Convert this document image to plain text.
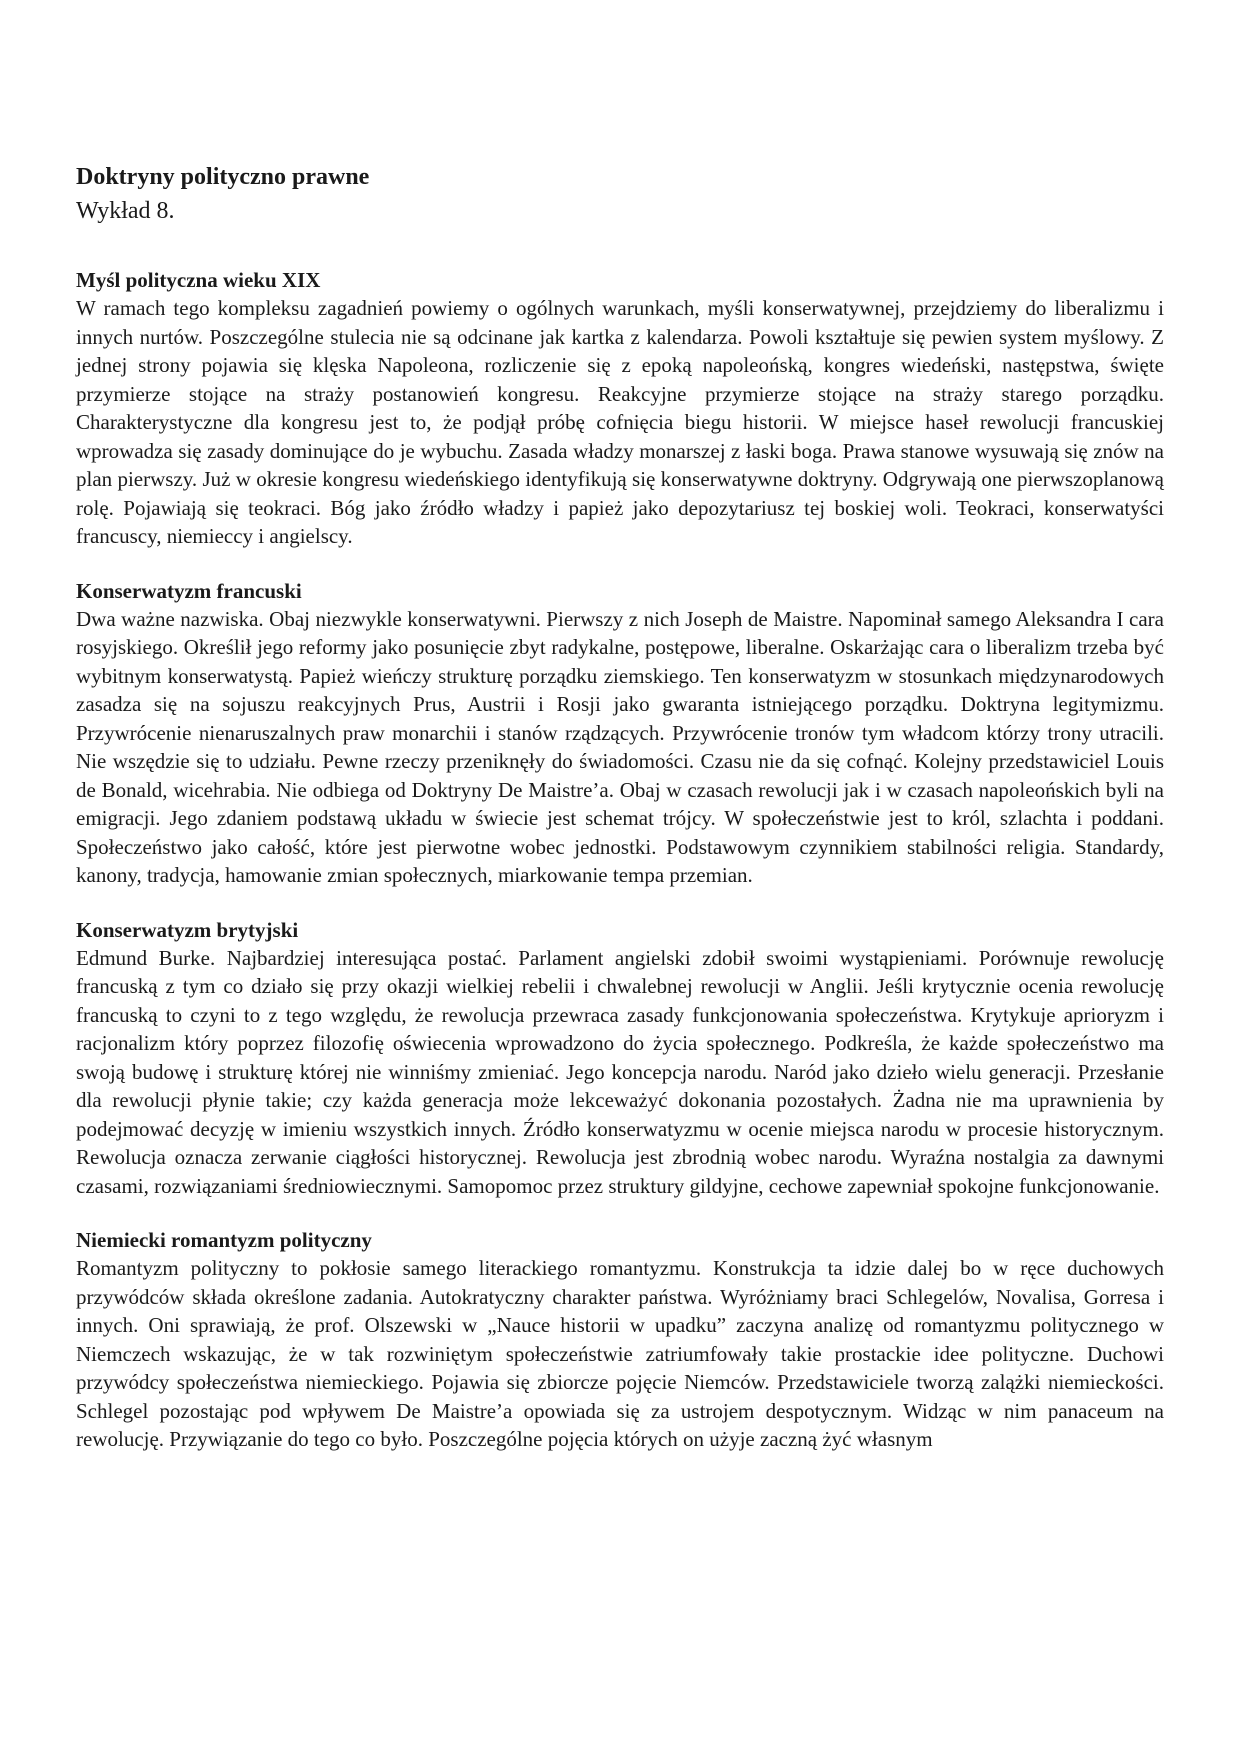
Doktryny polityczno prawne
Wykład 8.
Myśl polityczna wieku XIX

W ramach tego kompleksu zagadnień powiemy o ogólnych warunkach, myśli konserwatywnej, przejdziemy do liberalizmu i innych nurtów. Poszczególne stulecia nie są odcinane jak kartka z kalendarza. Powoli kształtuje się pewien system myślowy. Z jednej strony pojawia się klęska Napoleona, rozliczenie się z epoką napoleońską, kongres wiedeński, następstwa, święte przymierze stojące na straży postanowień kongresu. Reakcyjne przymierze stojące na straży starego porządku. Charakterystyczne dla kongresu jest to, że podjął próbę cofnięcia biegu historii. W miejsce haseł rewolucji francuskiej wprowadza się zasady dominujące do je wybuchu. Zasada władzy monarszej z łaski boga. Prawa stanowe wysuwają się znów na plan pierwszy. Już w okresie kongresu wiedeńskiego identyfikują się konserwatywne doktryny. Odgrywają one pierwszoplanową rolę. Pojawiają się teokraci. Bóg jako źródło władzy i papież jako depozytariusz tej boskiej woli. Teokraci, konserwatyści francuscy, niemieccy i angielscy.

Konserwatyzm francuski

Dwa ważne nazwiska. Obaj niezwykle konserwatywni. Pierwszy z nich Joseph de Maistre. Napominał samego Aleksandra I cara rosyjskiego. Określił jego reformy jako posunięcie zbyt radykalne, postępowe, liberalne. Oskarżając cara o liberalizm trzeba być wybitnym konserwatystą. Papież wieńczy strukturę porządku ziemskiego. Ten konserwatyzm w stosunkach międzynarodowych zasadza się na sojuszu reakcyjnych Prus, Austrii i Rosji jako gwaranta istniejącego porządku. Doktryna legitymizmu. Przywrócenie nienaruszalnych praw monarchii i stanów rządzących. Przywrócenie tronów tym władcom którzy trony utracili. Nie wszędzie się to udziału. Pewne rzeczy przeniknęły do świadomości. Czasu nie da się cofnąć. Kolejny przedstawiciel Louis de Bonald, wicehrabia. Nie odbiega od Doktryny De Maistre’a. Obaj w czasach rewolucji jak i w czasach napoleońskich byli na emigracji. Jego zdaniem podstawą układu w świecie jest schemat trójcy. W społeczeństwie jest to król, szlachta i poddani. Społeczeństwo jako całość, które jest pierwotne wobec jednostki. Podstawowym czynnikiem stabilności religia. Standardy, kanony, tradycja, hamowanie zmian społecznych, miarkowanie tempa przemian.

Konserwatyzm brytyjski

Edmund Burke. Najbardziej interesująca postać. Parlament angielski zdobił swoimi wystąpieniami. Porównuje rewolucję francuską z tym co działo się przy okazji wielkiej rebelii i chwalebnej rewolucji w Anglii. Jeśli krytycznie ocenia rewolucję francuską to czyni to z tego względu, że rewolucja przewraca zasady funkcjonowania społeczeństwa. Krytykuje aprioryzm i racjonalizm który poprzez filozofię oświecenia wprowadzono do życia społecznego. Podkreśla, że każde społeczeństwo ma swoją budowę i strukturę której nie winniśmy zmieniać. Jego koncepcja narodu. Naród jako dzieło wielu generacji. Przesłanie dla rewolucji płynie takie; czy każda generacja może lekceważyć dokonania pozostałych. Żadna nie ma uprawnienia by podejmować decyzję w imieniu wszystkich innych. Źródło konserwatyzmu w ocenie miejsca narodu w procesie historycznym. Rewolucja oznacza zerwanie ciągłości historycznej. Rewolucja jest zbrodnią wobec narodu. Wyraźna nostalgia za dawnymi czasami, rozwiązaniami średniowiecznymi. Samopomoc przez struktury gildyjne, cechowe zapewniał spokojne funkcjonowanie.

Niemiecki romantyzm polityczny

Romantyzm polityczny to pokłosie samego literackiego romantyzmu. Konstrukcja ta idzie dalej bo w ręce duchowych przywódców składa określone zadania. Autokratyczny charakter państwa. Wyróżniamy braci Schlegelów, Novalisa, Gorresa i innych. Oni sprawiają, że prof. Olszewski w „Nauce historii w upadku” zaczyna analizę od romantyzmu politycznego w Niemczech wskazując, że w tak rozwiniętym społeczeństwie zatriumfowały takie prostackie idee polityczne. Duchowi przywódcy społeczeństwa niemieckiego. Pojawia się zbiorcze pojęcie Niemców. Przedstawiciele tworzą zalążki niemieckości. Schlegel pozostając pod wpływem De Maistre’a opowiada się za ustrojem despotycznym. Widząc w nim panaceum na rewolucję. Przywiązanie do tego co było. Poszczególne pojęcia których on użyje zaczną żyć własnym
